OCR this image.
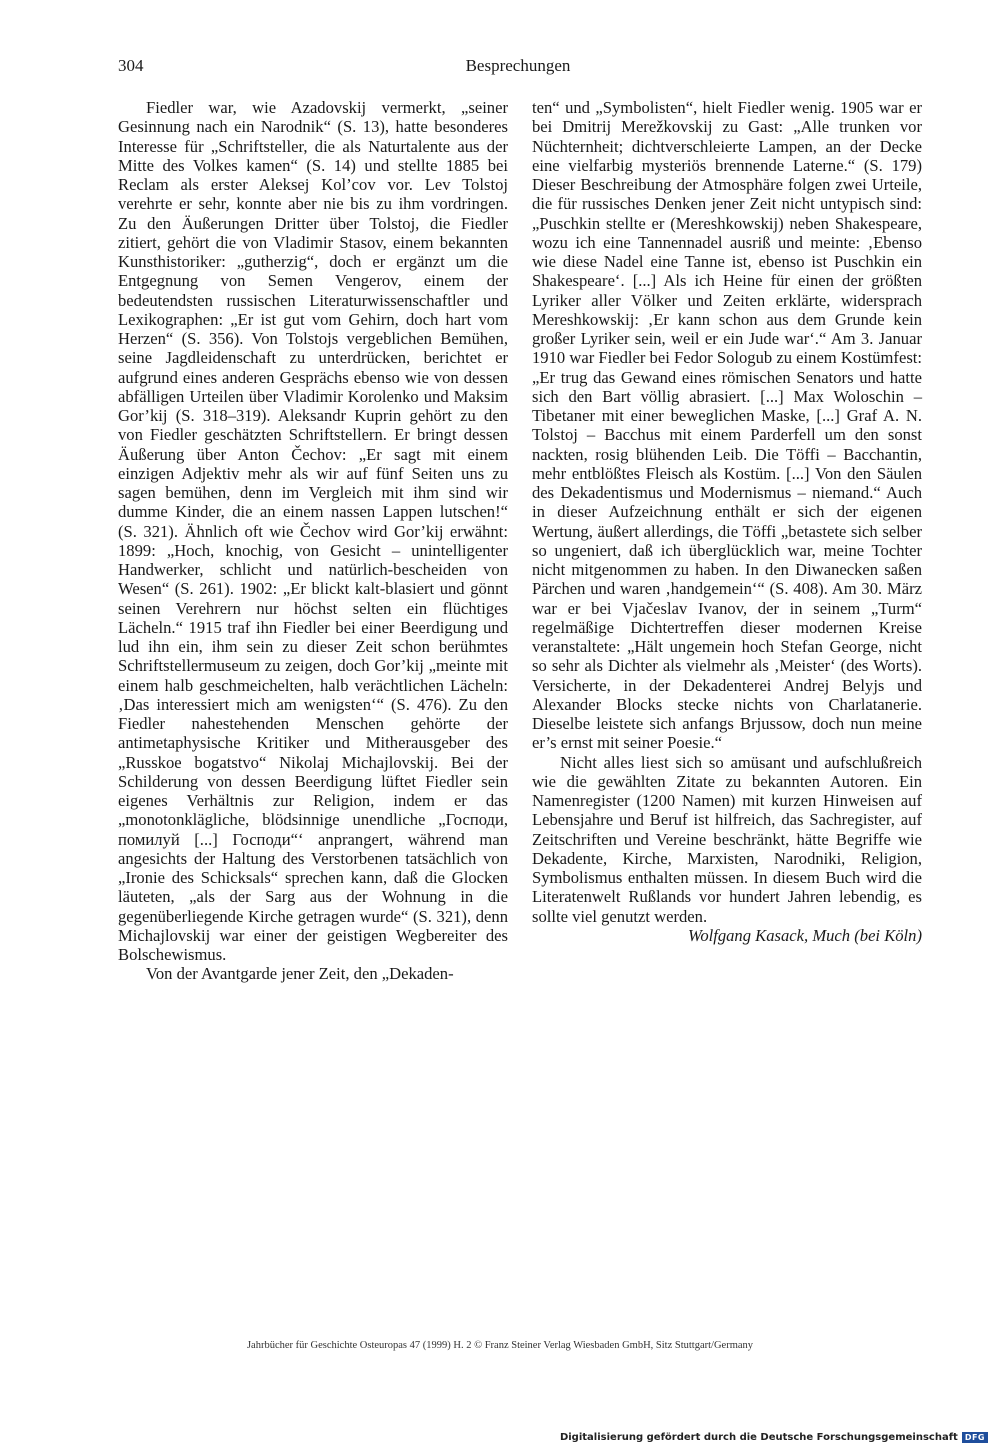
304	Besprechungen

Fiedler war, wie Azadovskij vermerkt, „seiner Gesinnung nach ein Narodnik“ (S. 13), hatte besonderes Interesse für „Schriftsteller, die als Naturtalente aus der Mitte des Volkes kamen“ (S. 14) und stellte 1885 bei Reclam als erster Aleksej Kol’cov vor. Lev Tolstoj verehrte er sehr, konnte aber nie bis zu ihm vordringen. Zu den Äußerungen Dritter über Tolstoj, die Fiedler zitiert, gehört die von Vladimir Stasov, einem bekannten Kunsthistoriker: „gutherzig“, doch er ergänzt um die Entgegnung von Semen Vengerov, einem der bedeutendsten russischen Literaturwissenschaftler und Lexikographen: „Er ist gut vom Gehirn, doch hart vom Herzen“ (S. 356). Von Tolstojs vergeblichen Bemühen, seine Jagdleidenschaft zu unterdrücken, berichtet er aufgrund eines anderen Gesprächs ebenso wie von dessen abfälligen Urteilen über Vladimir Korolenko und Maksim Gor’kij (S. 318–319). Aleksandr Kuprin gehört zu den von Fiedler geschätzten Schriftstellern. Er bringt dessen Äußerung über Anton Čechov: „Er sagt mit einem einzigen Adjektiv mehr als wir auf fünf Seiten uns zu sagen bemühen, denn im Vergleich mit ihm sind wir dumme Kinder, die an einem nassen Lappen lutschen!“ (S. 321). Ähnlich oft wie Čechov wird Gor’kij erwähnt: 1899: „Hoch, knochig, von Gesicht – unintelligenter Handwerker, schlicht und natürlich-bescheiden von Wesen“ (S. 261). 1902: „Er blickt kalt-blasiert und gönnt seinen Verehrern nur höchst selten ein flüchtiges Lächeln.“ 1915 traf ihn Fiedler bei einer Beerdigung und lud ihn ein, ihm sein zu dieser Zeit schon berühmtes Schriftstellermuseum zu zeigen, doch Gor’kij „meinte mit einem halb geschmeichelten, halb verächtlichen Lächeln: ‚Das interessiert mich am wenigsten‘“ (S. 476). Zu den Fiedler nahestehenden Menschen gehörte der antimetaphysische Kritiker und Mitherausgeber des „Russkoe bogatstvo“ Nikolaj Michajlovskij. Bei der Schilderung von dessen Beerdigung lüftet Fiedler sein eigenes Verhältnis zur Religion, indem er das „monotonklägliche, blödsinnige unendliche „Господи, помилуй [...] Господи“‘ anprangert, während man angesichts der Haltung des Verstorbenen tatsächlich von „Ironie des Schicksals“ sprechen kann, daß die Glocken läuteten, „als der Sarg aus der Wohnung in die gegenüberliegende Kirche getragen wurde“ (S. 321), denn Michajlovskij war einer der geistigen Wegbereiter des Bolschewismus.

Von der Avantgarde jener Zeit, den „Dekaden-

ten“ und „Symbolisten“, hielt Fiedler wenig. 1905 war er bei Dmitrij Merežkovskij zu Gast: „Alle trunken vor Nüchternheit; dichtverschleierte Lampen, an der Decke eine vielfarbig mysteriös brennende Laterne.“ (S. 179) Dieser Beschreibung der Atmosphäre folgen zwei Urteile, die für russisches Denken jener Zeit nicht untypisch sind: „Puschkin stellte er (Mereshkowskij) neben Shakespeare, wozu ich eine Tannennadel ausriß und meinte: ‚Ebenso wie diese Nadel eine Tanne ist, ebenso ist Puschkin ein Shakespeare‘. [...] Als ich Heine für einen der größten Lyriker aller Völker und Zeiten erklärte, widersprach Mereshkowskij: ‚Er kann schon aus dem Grunde kein großer Lyriker sein, weil er ein Jude war‘.“ Am 3. Januar 1910 war Fiedler bei Fedor Sologub zu einem Kostümfest: „Er trug das Gewand eines römischen Senators und hatte sich den Bart völlig abrasiert. [...] Max Woloschin – Tibetaner mit einer beweglichen Maske, [...] Graf A. N. Tolstoj – Bacchus mit einem Parderfell um den sonst nackten, rosig blühenden Leib. Die Töffi – Bacchantin, mehr entblößtes Fleisch als Kostüm. [...] Von den Säulen des Dekadentismus und Modernismus – niemand.“ Auch in dieser Aufzeichnung enthält er sich der eigenen Wertung, äußert allerdings, die Töffi „betastete sich selber so ungeniert, daß ich überglücklich war, meine Tochter nicht mitgenommen zu haben. In den Diwanecken saßen Pärchen und waren ‚handgemein‘“ (S. 408). Am 30. März war er bei Vjačeslav Ivanov, der in seinem „Turm“ regelmäßige Dichtertreffen dieser modernen Kreise veranstaltete: „Hält ungemein hoch Stefan George, nicht so sehr als Dichter als vielmehr als ‚Meister‘ (des Worts). Versicherte, in der Dekadenterei Andrej Belyjs und Alexander Blocks stecke nichts von Charlatanerie. Dieselbe leistete sich anfangs Brjussow, doch nun meine er’s ernst mit seiner Poesie.“

Nicht alles liest sich so amüsant und aufschlußreich wie die gewählten Zitate zu bekannten Autoren. Ein Namenregister (1200 Namen) mit kurzen Hinweisen auf Lebensjahre und Beruf ist hilfreich, das Sachregister, auf Zeitschriften und Vereine beschränkt, hätte Begriffe wie Dekadente, Kirche, Marxisten, Narodniki, Religion, Symbolismus enthalten müssen. In diesem Buch wird die Literatenwelt Rußlands vor hundert Jahren lebendig, es sollte viel genutzt werden.

Wolfgang Kasack, Much (bei Köln)

Jahrbücher für Geschichte Osteuropas 47 (1999) H. 2 © Franz Steiner Verlag Wiesbaden GmbH, Sitz Stuttgart/Germany
Digitalisierung gefördert durch die Deutsche Forschungsgemeinschaft DFG
